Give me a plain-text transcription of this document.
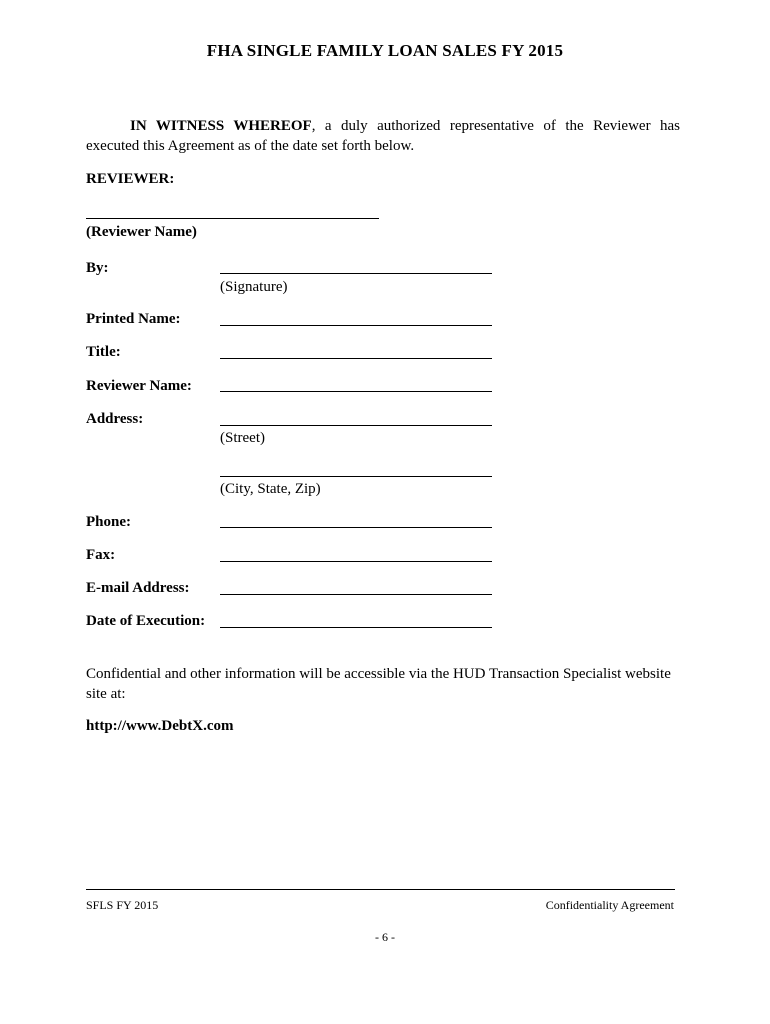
FHA SINGLE FAMILY LOAN SALES FY 2015
IN WITNESS WHEREOF, a duly authorized representative of the Reviewer has executed this Agreement as of the date set forth below.
REVIEWER:
(Reviewer Name)
By:
(Signature)
Printed Name:
Title:
Reviewer Name:
Address:
(Street)
(City, State, Zip)
Phone:
Fax:
E-mail Address:
Date of Execution:
Confidential and other information will be accessible via the HUD Transaction Specialist website site at:
http://www.DebtX.com
SFLS FY 2015	Confidentiality Agreement
- 6 -
